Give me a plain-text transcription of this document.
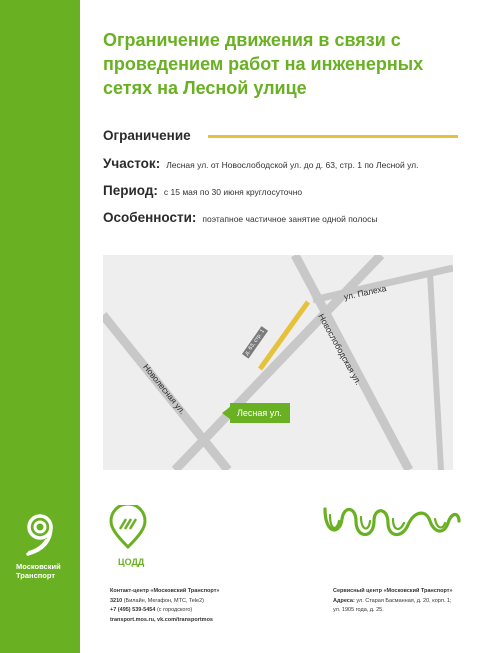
Московский
Транспорт
Ограничение движения в связи с
проведением работ на инженерных
сетях на Лесной улице
Ограничение
Участок: Лесная ул. от Новослободской ул. до д. 63, стр. 1 по Лесной ул.
Период: с 15 мая по 30 июня круглосуточно
Особенности: поэтапное частичное занятие одной полосы
ул. Палеха
Новослободская ул.
Новолесная ул.
д. 63, стр. 1
Лесная ул.
ЦОДД
Контакт-центр «Московский Транспорт»
3210 (Билайн, Мегафон, МТС, Tele2)
+7 (495) 539-5454 (с городского)
transport.mos.ru, vk.com/transportmos
Сервисный центр «Московский Транспорт»
Адреса: ул. Старая Басманная, д. 20, корп. 1;
ул. 1905 года, д. 25.
